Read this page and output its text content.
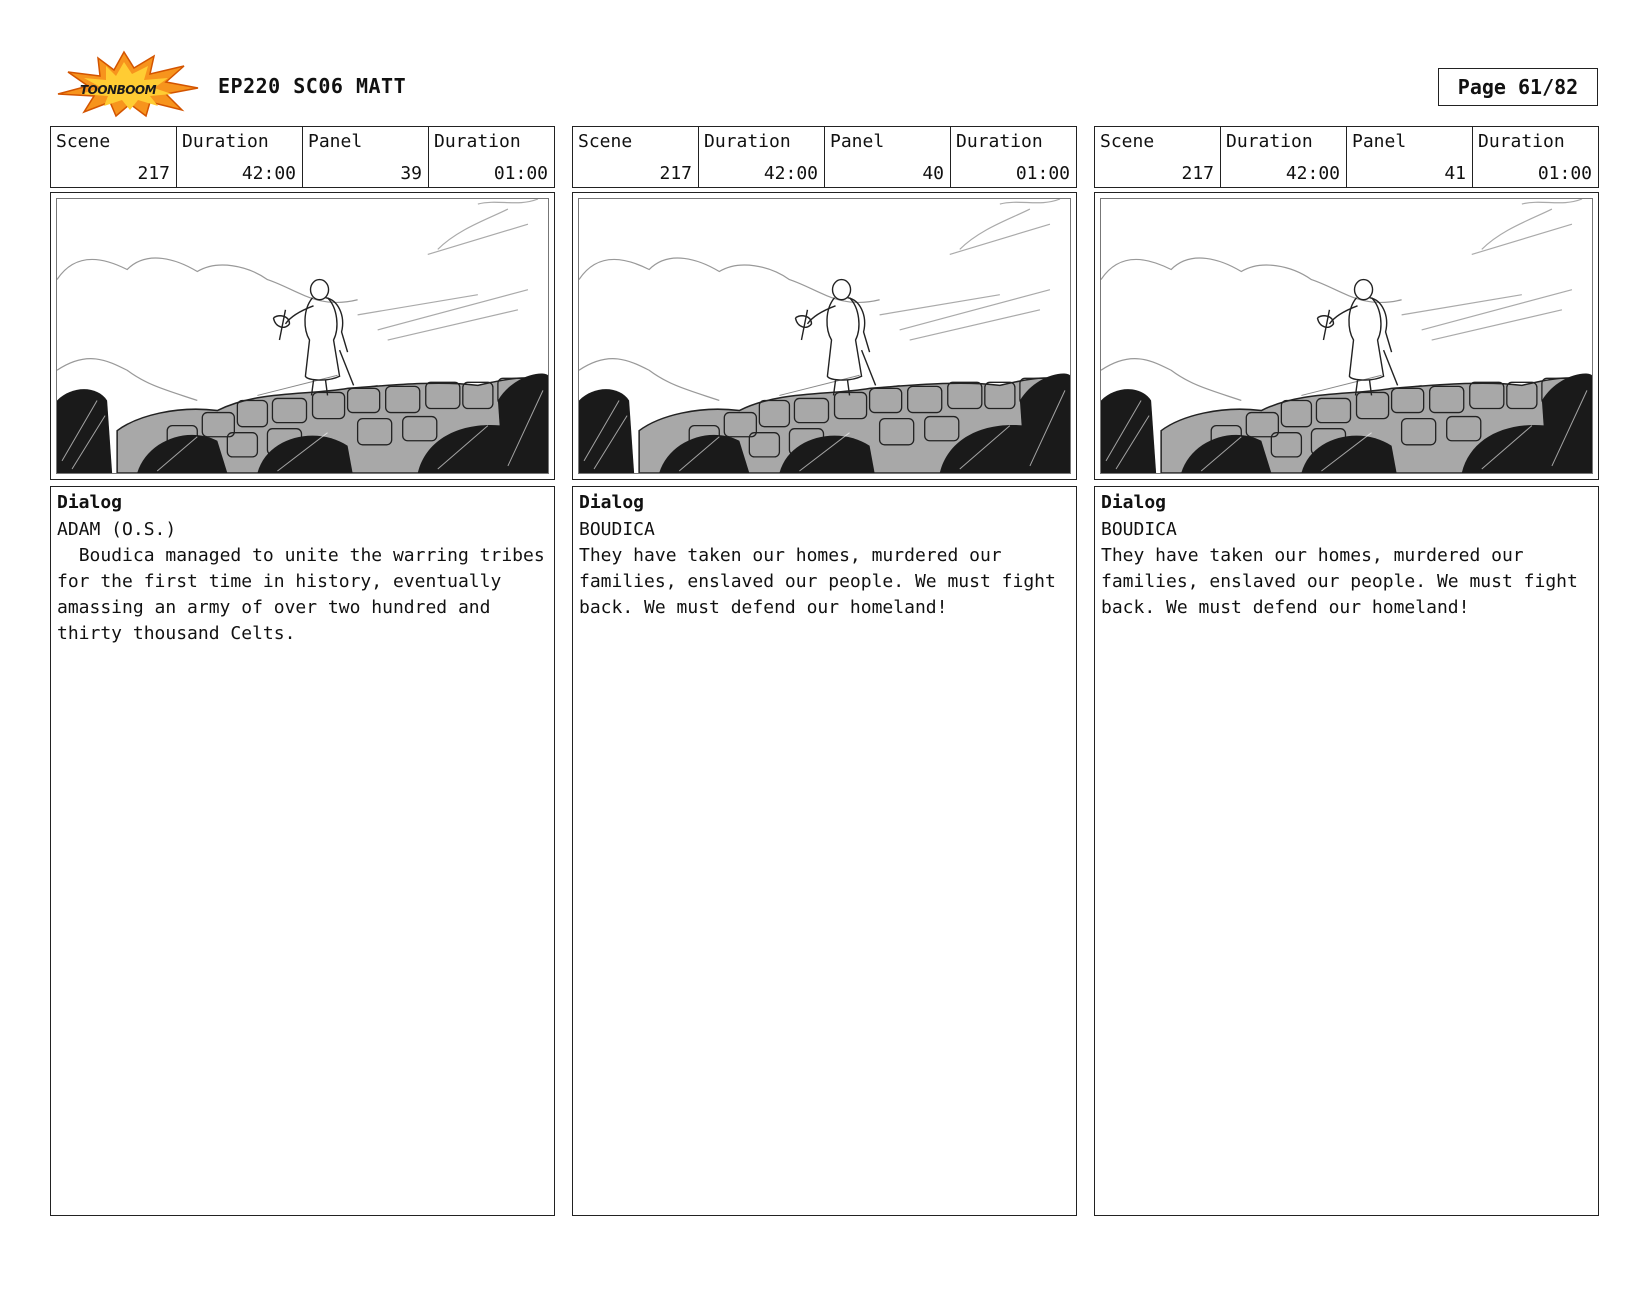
TOONBOOM	EP220 SC06 MATT	Page 61/82
Scene
217
Duration
42:00
Panel
39
Duration
01:00
Dialog
ADAM (O.S.)
Boudica managed to unite the warring tribes for the first time in history, eventually amassing an army of over two hundred and thirty thousand Celts.
Scene
217
Duration
42:00
Panel
40
Duration
01:00
Dialog
BOUDICA
They have taken our homes, murdered our families, enslaved our people. We must fight back. We must defend our homeland!
Scene
217
Duration
42:00
Panel
41
Duration
01:00
Dialog
BOUDICA
They have taken our homes, murdered our families, enslaved our people. We must fight back. We must defend our homeland!
